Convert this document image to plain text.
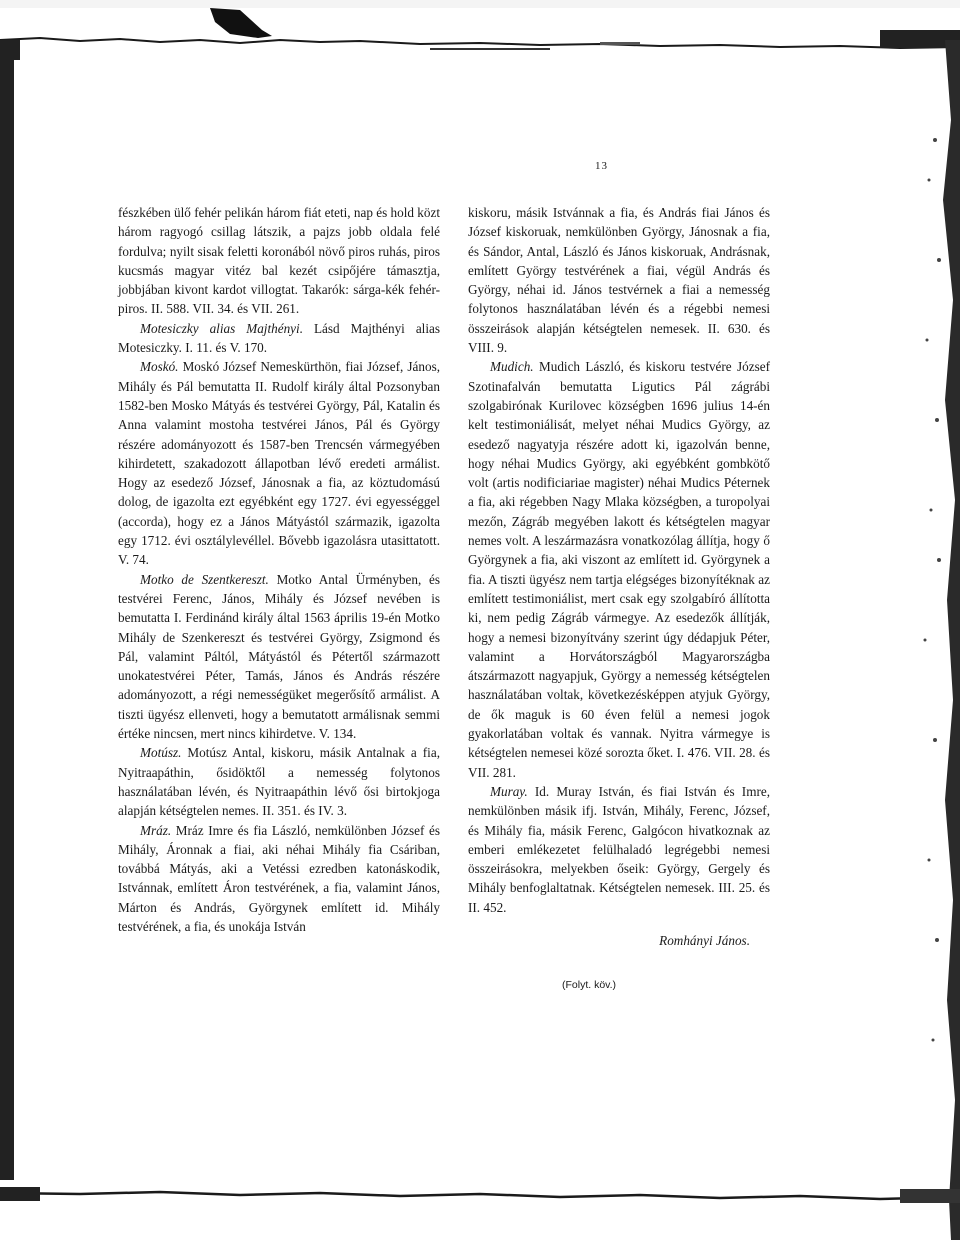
13

fészkében ülő fehér pelikán három fiát eteti, nap és hold közt három ragyogó csillag látszik, a pajzs jobb oldala felé fordulva; nyilt sisak feletti koronából növő piros ruhás, piros kucsmás magyar vitéz bal kezét csipőjére támasztja, jobbjában kivont kardot villogtat. Takarók: sárga-kék fehér-piros. II. 588. VII. 34. és VII. 261.

Motesiczky alias Majthényi. Lásd Majthényi alias Motesiczky. I. 11. és V. 170.

Moskó. Moskó József Nemeskürthön, fiai József, János, Mihály és Pál bemutatta II. Rudolf király által Pozsonyban 1582-ben Mosko Mátyás és testvérei György, Pál, Katalin és Anna valamint mostoha testvérei János, Pál és György részére adományozott és 1587-ben Trencsén vármegyében kihirdetett, szakadozott állapotban lévő eredeti armálist. Hogy az esedező József, Jánosnak a fia, az köztudomású dolog, de igazolta ezt egyébként egy 1727. évi egyességgel (accorda), hogy ez a János Mátyástól származik, igazolta egy 1712. évi osztálylevéllel. Bővebb igazolásra utasittatott. V. 74.

Motko de Szentkereszt. Motko Antal Ürményben, és testvérei Ferenc, János, Mihály és József nevében is bemutatta I. Ferdinánd király által 1563 április 19-én Motko Mihály de Szenkereszt és testvérei György, Zsigmond és Pál, valamint Páltól, Mátyástól és Pétertől származott unokatestvérei Péter, Tamás, János és András részére adományozott, a régi nemességüket megerősítő armálist. A tiszti ügyész ellenveti, hogy a bemutatott armálisnak semmi értéke nincsen, mert nincs kihirdetve. V. 134.

Motúsz. Motúsz Antal, kiskoru, másik Antalnak a fia, Nyitraapáthin, ősidöktől a nemesség folytonos használatában lévén, és Nyitraapáthin lévő ősi birtokjoga alapján kétségtelen nemes. II. 351. és IV. 3.

Mráz. Mráz Imre és fia László, nemkülönben József és Mihály, Áronnak a fiai, aki néhai Mihály fia Csáriban, továbbá Mátyás, aki a Vetéssi ezredben katonáskodik, Istvánnak, említett Áron testvérének, a fia, valamint János, Márton és András, Györgynek említett id. Mihály testvérének, a fia, és unokája István

kiskoru, másik Istvánnak a fia, és András fiai János és József kiskoruak, nemkülönben György, Jánosnak a fia, és Sándor, Antal, László és János kiskoruak, Andrásnak, említett György testvérének a fiai, végül András és György, néhai id. János testvérnek a fiai a nemesség folytonos használatában lévén és a régebbi nemesi összeirások alapján kétségtelen nemesek. II. 630. és VIII. 9.

Mudich. Mudich László, és kiskoru testvére József Szotinafalván bemutatta Ligutics Pál zágrábi szolgabirónak Kurilovec községben 1696 julius 14-én kelt testimoniálisát, melyet néhai Mudics György, az esedező nagyatyja részére adott ki, igazolván benne, hogy néhai Mudics György, aki egyébként gombkötő volt (artis nodificiariae magister) néhai Mudics Péternek a fia, aki régebben Nagy Mlaka községben, a turopolyai mezőn, Zágráb megyében lakott és kétségtelen magyar nemes volt. A leszármazásra vonatkozólag állítja, hogy ő Györgynek a fia, aki viszont az említett id. Györgynek a fia. A tiszti ügyész nem tartja elégséges bizonyítéknak az említett testimoniálist, mert csak egy szolgabíró állította ki, nem pedig Zágráb vármegye. Az esedezők állítják, hogy a nemesi bizonyítvány szerint úgy dédapjuk Péter, valamint a Horvátországból Magyarországba átszármazott nagyapjuk, György a nemesség kétségtelen használatában voltak, következésképpen atyjuk György, de ők maguk is 60 éven felül a nemesi jogok gyakorlatában voltak és vannak. Nyitra vármegye is kétségtelen nemesei közé sorozta őket. I. 476. VII. 28. és VII. 281.

Muray. Id. Muray István, és fiai István és Imre, nemkülönben másik ifj. István, Mihály, Ferenc, József, és Mihály fia, másik Ferenc, Galgócon hivatkoznak az emberi emlékezetet felülhaladó legrégebbi nemesi összeirásokra, melyekben őseik: György, Gergely és Mihály benfoglaltatnak. Kétségtelen nemesek. III. 25. és II. 452.

Romhányi János.
(Folyt. köv.)
